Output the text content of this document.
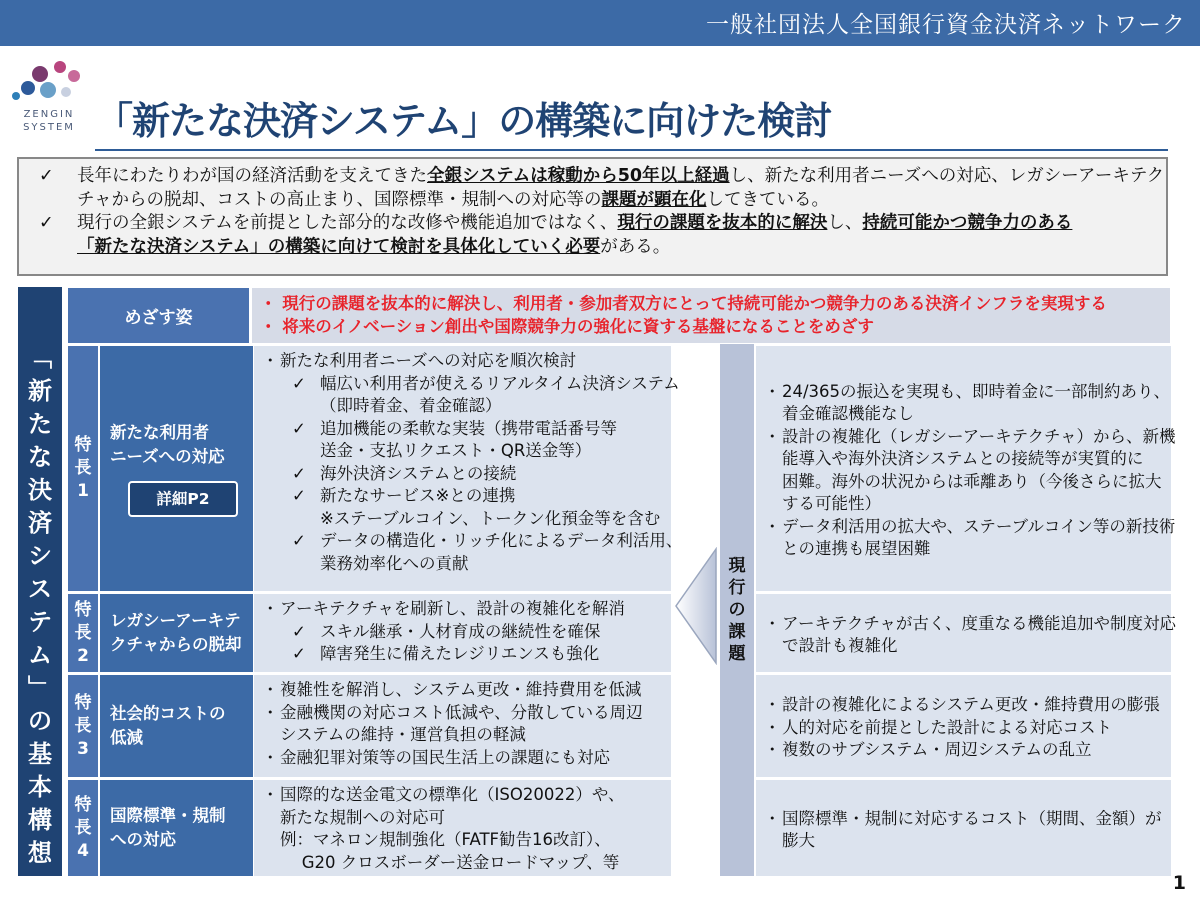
一般社団法人全国銀行資金決済ネットワーク
ZENGIN
SYSTEM 「新たな決済システム」の構築に向けた検討
✓ 長年にわたりわが国の経済活動を支えてきた全銀システムは稼動から50年以上経過し、新たな利用者ニーズへの対応、レガシーアーキテク
チャからの脱却、コストの高止まり、国際標準・規制への対応等の課題が顕在化してきている。
✓ 現行の全銀システムを前提とした部分的な改修や機能追加ではなく、現行の課題を抜本的に解決し、持続可能かつ競争力のある
「新たな決済システム」の構築に向けて検討を具体化していく必要がある。
﹁
新
た
な
決
済
シ
ス
テ
ム
﹂
の
基
本
構
想
めざす姿
・ 現行の課題を抜本的に解決し、利用者・参加者双方にとって持続可能かつ競争力のある決済インフラを実現する
・ 将来のイノベーション創出や国際競争力の強化に資する基盤になることをめざす
特
長
1
新たな利用者
ニーズへの対応
詳細P2
・ 新たな利用者ニーズへの対応を順次検討
✓ 幅広い利用者が使えるリアルタイム決済システム
（即時着金、着金確認）
✓ 追加機能の柔軟な実装（携帯電話番号等
送金・支払リクエスト・QR送金等）
✓ 海外決済システムとの接続
✓ 新たなサービス※との連携
※ステーブルコイン、トークン化預金等を含む
✓ データの構造化・リッチ化によるデータ利活用、
業務効率化への貢献
・ 24/365の振込を実現も、即時着金に一部制約あり、
着金確認機能なし
・ 設計の複雑化（レガシーアーキテクチャ）から、新機
能導入や海外決済システムとの接続等が実質的に
困難。海外の状況からは乖離あり（今後さらに拡大
する可能性）
・ データ利活用の拡大や、ステーブルコイン等の新技術
との連携も展望困難
特
長
2
レガシーアーキテ
クチャからの脱却
・ アーキテクチャを刷新し、設計の複雑化を解消
✓ スキル継承・人材育成の継続性を確保
✓ 障害発生に備えたレジリエンスも強化
・ アーキテクチャが古く、度重なる機能追加や制度対応
で設計も複雑化
特
長
3
社会的コストの
低減
・ 複雑性を解消し、システム更改・維持費用を低減
・ 金融機関の対応コスト低減や、分散している周辺
システムの維持・運営負担の軽減
・ 金融犯罪対策等の国民生活上の課題にも対応
・ 設計の複雑化によるシステム更改・維持費用の膨張
・ 人的対応を前提とした設計による対応コスト
・ 複数のサブシステム・周辺システムの乱立
特
長
4
国際標準・規制
への対応
・ 国際的な送金電文の標準化（ISO20022）や、
新たな規制への対応可
例：マネロン規制強化（FATF勧告16改訂）、
　 G20 クロスボーダー送金ロードマップ、等
・ 国際標準・規制に対応するコスト（期間、金額）が
膨大
現
行
の
課
題
1
